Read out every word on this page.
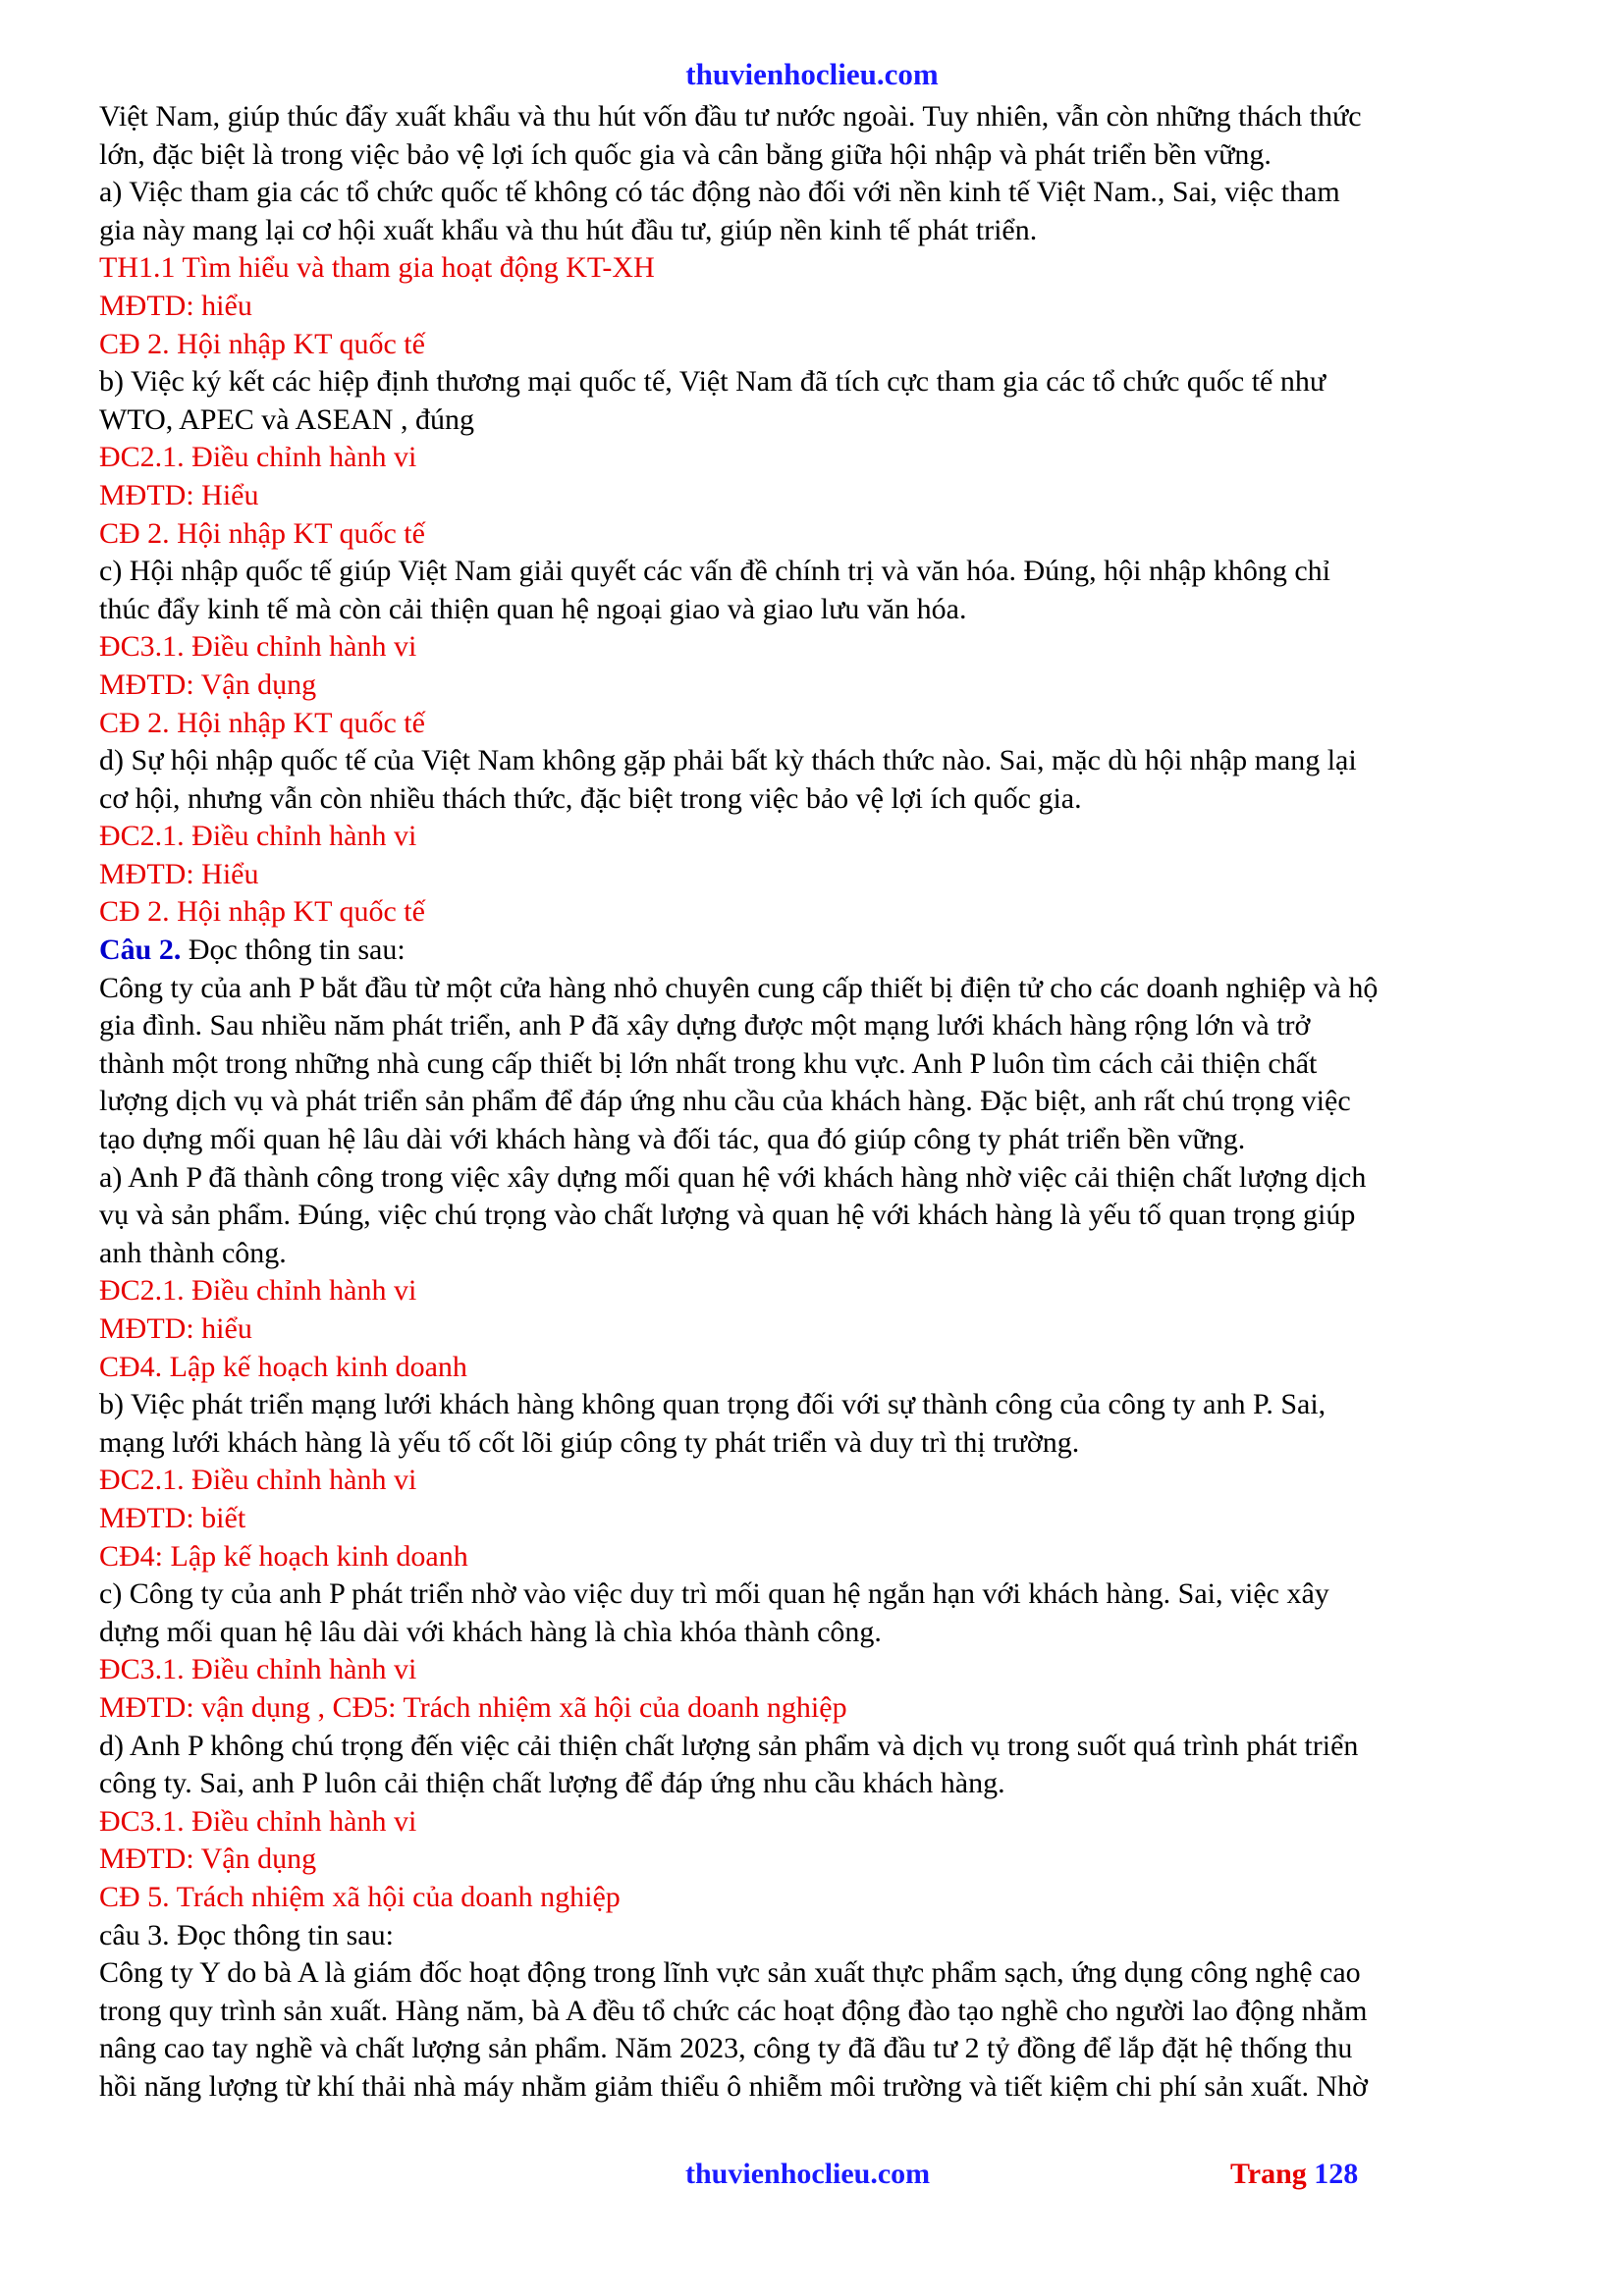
thuvienhoclieu.com
Việt Nam, giúp thúc đẩy xuất khẩu và thu hút vốn đầu tư nước ngoài. Tuy nhiên, vẫn còn những thách thức
lớn, đặc biệt là trong việc bảo vệ lợi ích quốc gia và cân bằng giữa hội nhập và phát triển bền vững.
a) Việc tham gia các tổ chức quốc tế không có tác động nào đối với nền kinh tế Việt Nam., Sai, việc tham
gia này mang lại cơ hội xuất khẩu và thu hút đầu tư, giúp nền kinh tế phát triển.
TH1.1 Tìm hiểu và tham gia hoạt động KT-XH
MĐTD: hiểu
CĐ 2. Hội nhập KT quốc tế
b) Việc ký kết các hiệp định thương mại quốc tế, Việt Nam đã tích cực tham gia các tổ chức quốc tế như
WTO, APEC và ASEAN , đúng
ĐC2.1. Điều chỉnh hành vi
MĐTD: Hiểu
CĐ 2. Hội nhập KT quốc tế
c) Hội nhập quốc tế giúp Việt Nam giải quyết các vấn đề chính trị và văn hóa. Đúng, hội nhập không chỉ
thúc đẩy kinh tế mà còn cải thiện quan hệ ngoại giao và giao lưu văn hóa.
ĐC3.1. Điều chỉnh hành vi
MĐTD: Vận dụng
CĐ 2. Hội nhập KT quốc tế
d) Sự hội nhập quốc tế của Việt Nam không gặp phải bất kỳ thách thức nào. Sai, mặc dù hội nhập mang lại
cơ hội, nhưng vẫn còn nhiều thách thức, đặc biệt trong việc bảo vệ lợi ích quốc gia.
ĐC2.1. Điều chỉnh hành vi
MĐTD: Hiểu
CĐ 2. Hội nhập KT quốc tế
Câu 2. Đọc thông tin sau:
Công ty của anh P bắt đầu từ một cửa hàng nhỏ chuyên cung cấp thiết bị điện tử cho các doanh nghiệp và hộ
gia đình. Sau nhiều năm phát triển, anh P đã xây dựng được một mạng lưới khách hàng rộng lớn và trở
thành một trong những nhà cung cấp thiết bị lớn nhất trong khu vực. Anh P luôn tìm cách cải thiện chất
lượng dịch vụ và phát triển sản phẩm để đáp ứng nhu cầu của khách hàng. Đặc biệt, anh rất chú trọng việc
tạo dựng mối quan hệ lâu dài với khách hàng và đối tác, qua đó giúp công ty phát triển bền vững.
a) Anh P đã thành công trong việc xây dựng mối quan hệ với khách hàng nhờ việc cải thiện chất lượng dịch
vụ và sản phẩm. Đúng, việc chú trọng vào chất lượng và quan hệ với khách hàng là yếu tố quan trọng giúp
anh thành công.
ĐC2.1. Điều chỉnh hành vi
MĐTD: hiểu
CĐ4. Lập kế hoạch kinh doanh
b) Việc phát triển mạng lưới khách hàng không quan trọng đối với sự thành công của công ty anh P. Sai,
mạng lưới khách hàng là yếu tố cốt lõi giúp công ty phát triển và duy trì thị trường.
ĐC2.1. Điều chỉnh hành vi
MĐTD: biết
CĐ4: Lập kế hoạch kinh doanh
c) Công ty của anh P phát triển nhờ vào việc duy trì mối quan hệ ngắn hạn với khách hàng. Sai, việc xây
dựng mối quan hệ lâu dài với khách hàng là chìa khóa thành công.
ĐC3.1. Điều chỉnh hành vi
MĐTD: vận dụng , CĐ5: Trách nhiệm xã hội của doanh nghiệp
d) Anh P không chú trọng đến việc cải thiện chất lượng sản phẩm và dịch vụ trong suốt quá trình phát triển
công ty. Sai, anh P luôn cải thiện chất lượng để đáp ứng nhu cầu khách hàng.
ĐC3.1. Điều chỉnh hành vi
MĐTD: Vận dụng
CĐ 5. Trách nhiệm xã hội của doanh nghiệp
câu 3. Đọc thông tin sau:
Công ty Y do bà A là giám đốc hoạt động trong lĩnh vực sản xuất thực phẩm sạch, ứng dụng công nghệ cao
trong quy trình sản xuất. Hàng năm, bà A đều tổ chức các hoạt động đào tạo nghề cho người lao động nhằm
nâng cao tay nghề và chất lượng sản phẩm. Năm 2023, công ty đã đầu tư 2 tỷ đồng để lắp đặt hệ thống thu
hồi năng lượng từ khí thải nhà máy nhằm giảm thiểu ô nhiễm môi trường và tiết kiệm chi phí sản xuất. Nhờ
thuvienhoclieu.com	Trang 128
